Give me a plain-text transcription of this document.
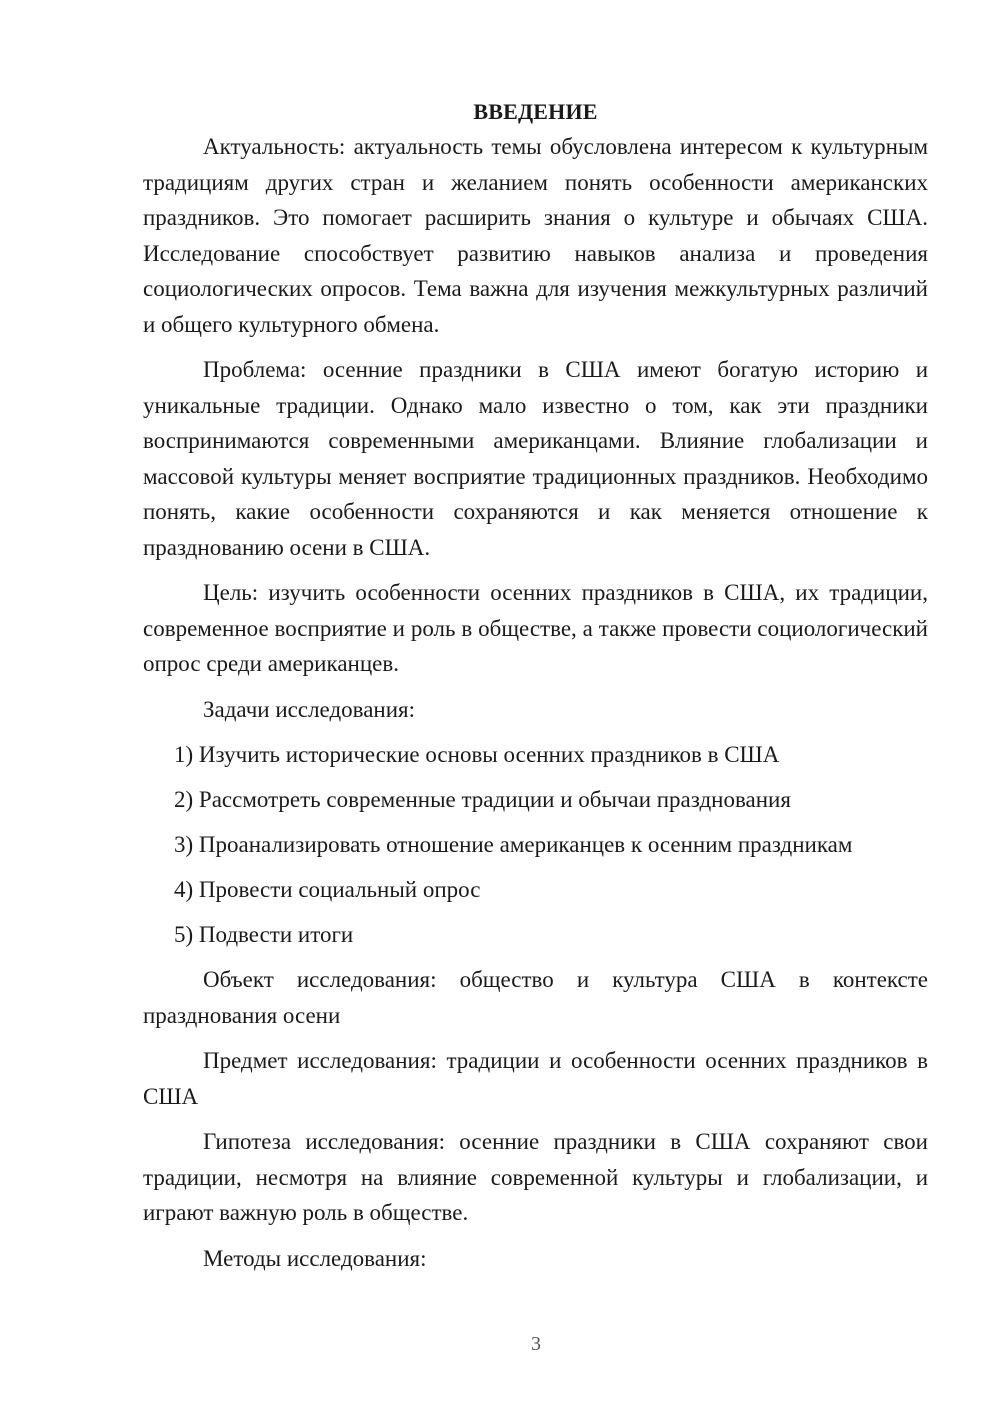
ВВЕДЕНИЕ

Актуальность: актуальность темы обусловлена интересом к культурным традициям других стран и желанием понять особенности американских праздников. Это помогает расширить знания о культуре и обычаях США. Исследование способствует развитию навыков анализа и проведения социологических опросов. Тема важна для изучения межкультурных различий и общего культурного обмена.

Проблема: осенние праздники в США имеют богатую историю и уникальные традиции. Однако мало известно о том, как эти праздники воспринимаются современными американцами. Влияние глобализации и массовой культуры меняет восприятие традиционных праздников. Необходимо понять, какие особенности сохраняются и как меняется отношение к празднованию осени в США.

Цель: изучить особенности осенних праздников в США, их традиции, современное восприятие и роль в обществе, а также провести социологический опрос среди американцев.

Задачи исследования:

1) Изучить исторические основы осенних праздников в США
2) Рассмотреть современные традиции и обычаи празднования
3) Проанализировать отношение американцев к осенним праздникам
4) Провести социальный опрос
5) Подвести итоги

Объект исследования: общество и культура США в контексте празднования осени

Предмет исследования: традиции и особенности осенних праздников в США

Гипотеза исследования: осенние праздники в США сохраняют свои традиции, несмотря на влияние современной культуры и глобализации, и играют важную роль в обществе.

Методы исследования:

3
